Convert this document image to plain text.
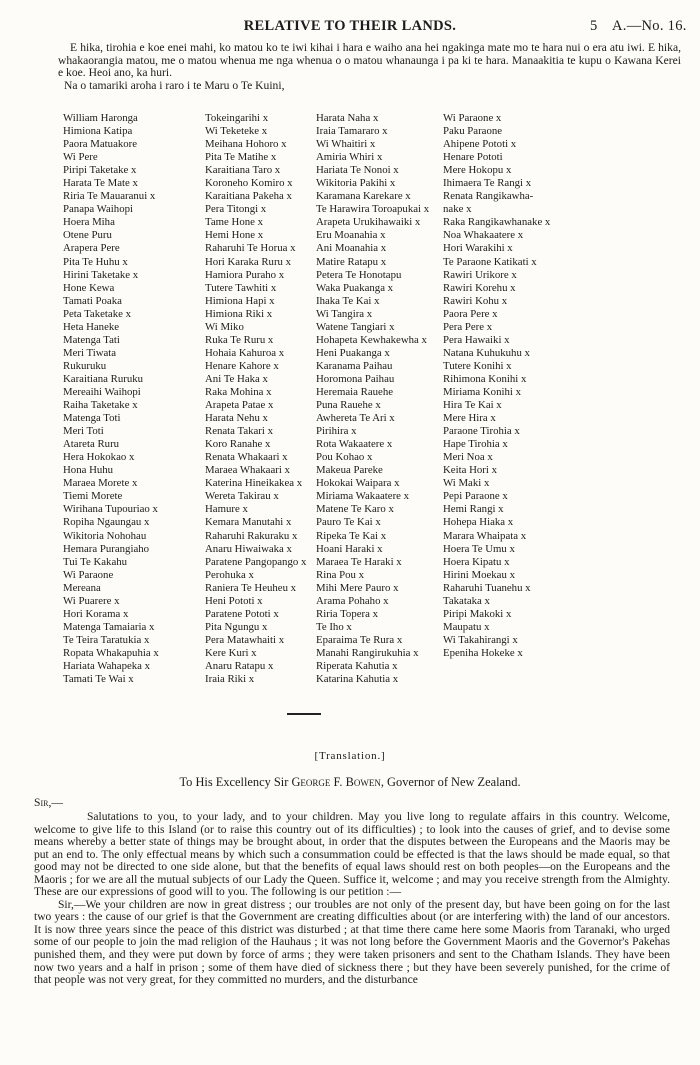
RELATIVE TO THEIR LANDS.	5 A.—No. 16.

E hika, tirohia e koe enei mahi, ko matou ko te iwi kihai i hara e waiho ana hei ngakinga mate mo te hara nui o era atu iwi. E hika, whakaorangia matou, me o matou whenua me nga whenua o o matou whanaunga i pa ki te hara. Manaakitia te kupu o Kawana Kerei e koe. Heoi ano, ka huri.

Na o tamariki aroha i raro i te Maru o Te Kuini,

William Haronga
Himiona Katipa
Paora Matuakore
Wi Pere
Piripi Taketake x
Harata Te Mate x
Riria Te Mauaranui x
Panapa Waihopi
Hoera Miha
Otene Puru
Arapera Pere
Pita Te Huhu x
Hirini Taketake x
Hone Kewa
Tamati Poaka
Peta Taketake x
Heta Haneke
Matenga Tati
Meri Tiwata
Rukuruku
Karaitiana Ruruku
Mereaihi Waihopi
Raiha Taketake x
Matenga Toti
Meri Toti
Atareta Ruru
Hera Hokokao x
Hona Huhu
Maraea Morete x
Tiemi Morete
Wirihana Tupouriao x
Ropiha Ngaungau x
Wikitoria Nohohau
Hemara Purangiaho
Tui Te Kakahu
Wi Paraone
Mereana
Wi Puarere x
Hori Korama x
Matenga Tamaiaria x
Te Teira Taratukia x
Ropata Whakapuhia x
Hariata Wahapeka x
Tamati Te Wai x
Tokeingarihi x
Wi Teketeke x
Meihana Hohoro x
Pita Te Matihe x
Karaitiana Taro x
Koroneho Komiro x
Karaitiana Pakeha x
Pera Titongi x
Tame Hone x
Hemi Hone x
Raharuhi Te Horua x
Hori Karaka Ruru x
Hamiora Puraho x
Tutere Tawhiti x
Himiona Hapi x
Himiona Riki x
Wi Miko
Ruka Te Ruru x
Hohaia Kahuroa x
Henare Kahore x
Ani Te Haka x
Raka Mohina x
Arapeta Patae x
Harata Nehu x
Renata Takari x
Koro Ranahe x
Renata Whakaari x
Maraea Whakaari x
Katerina Hineikakea x
Wereta Takirau x
Hamure x
Kemara Manutahi x
Raharuhi Rakuraku x
Anaru Hiwaiwaka x
Paratene Pangopango x
Perohuka x
Raniera Te Heuheu x
Heni Pototi x
Paratene Pototi x
Pita Ngungu x
Pera Matawhaiti x
Kere Kuri x
Anaru Ratapu x
Iraia Riki x
Harata Naha x
Iraia Tamararo x
Wi Whaitiri x
Amiria Whiri x
Hariata Te Nonoi x
Wikitoria Pakihi x
Karamana Karekare x
Te Harawira Toroapukai x
Arapeta Urukihawaiki x
Eru Moanahia x
Ani Moanahia x
Matire Ratapu x
Petera Te Honotapu
Waka Puakanga x
Ihaka Te Kai x
Wi Tangira x
Watene Tangiari x
Hohapeta Kewhakewha x
Heni Puakanga x
Karanama Paihau
Horomona Paihau
Heremaia Rauehe
Puna Rauehe x
Awhereta Te Ari x
Pirihira x
Rota Wakaatere x
Pou Kohao x
Makeua Pareke
Hokokai Waipara x
Miriama Wakaatere x
Matene Te Karo x
Pauro Te Kai x
Ripeka Te Kai x
Hoani Haraki x
Maraea Te Haraki x
Rina Pou x
Mihi Mere Pauro x
Arama Pohaho x
Riria Topera x
Te Iho x
Eparaima Te Rura x
Manahi Rangirukuhia x
Riperata Kahutia x
Katarina Kahutia x
Wi Paraone x
Paku Paraone
Ahipene Pototi x
Henare Pototi
Mere Hokopu x
Ihimaera Te Rangi x
Renata Rangikawha-
nake x
Raka Rangikawhanake x
Noa Whakaatere x
Hori Warakihi x
Te Paraone Katikati x
Rawiri Urikore x
Rawiri Korehu x
Rawiri Kohu x
Paora Pere x
Pera Pere x
Pera Hawaiki x
Natana Kuhukuhu x
Tutere Konihi x
Rihimona Konihi x
Miriama Konihi x
Hira Te Kai x
Mere Hira x
Paraone Tirohia x
Hape Tirohia x
Meri Noa x
Keita Hori x
Wi Maki x
Pepi Paraone x
Hemi Rangi x
Hohepa Hiaka x
Marara Whaipata x
Hoera Te Umu x
Hoera Kipatu x
Hirini Moekau x
Raharuhi Tuanehu x
Takataka x
Piripi Makoki x
Maupatu x
Wi Takahirangi x
Epeniha Hokeke x
[Translation.]
To His Excellency Sir George F. Bowen, Governor of New Zealand.
Sir,—

Salutations to you, to your lady, and to your children. May you live long to regulate affairs in this country. Welcome, welcome to give life to this Island (or to raise this country out of its difficulties) ; to look into the causes of grief, and to devise some means whereby a better state of things may be brought about, in order that the disputes between the Europeans and the Maoris may be put an end to. The only effectual means by which such a consummation could be effected is that the laws should be made equal, so that good may not be directed to one side alone, but that the benefits of equal laws should rest on both peoples—on the Europeans and the Maoris ; for we are all the mutual subjects of our Lady the Queen. Suffice it, welcome ; and may you receive strength from the Almighty. These are our expressions of good will to you. The following is our petition :—

Sir,—We your children are now in great distress ; our troubles are not only of the present day, but have been going on for the last two years : the cause of our grief is that the Government are creating difficulties about (or are interfering with) the land of our ancestors. It is now three years since the peace of this district was disturbed ; at that time there came here some Maoris from Taranaki, who urged some of our people to join the mad religion of the Hauhaus ; it was not long before the Government Maoris and the Governor's Pakehas punished them, and they were put down by force of arms ; they were taken prisoners and sent to the Chatham Islands. They have been now two years and a half in prison ; some of them have died of sickness there ; but they have been severely punished, for the crime of that people was not very great, for they committed no murders, and the disturbance
